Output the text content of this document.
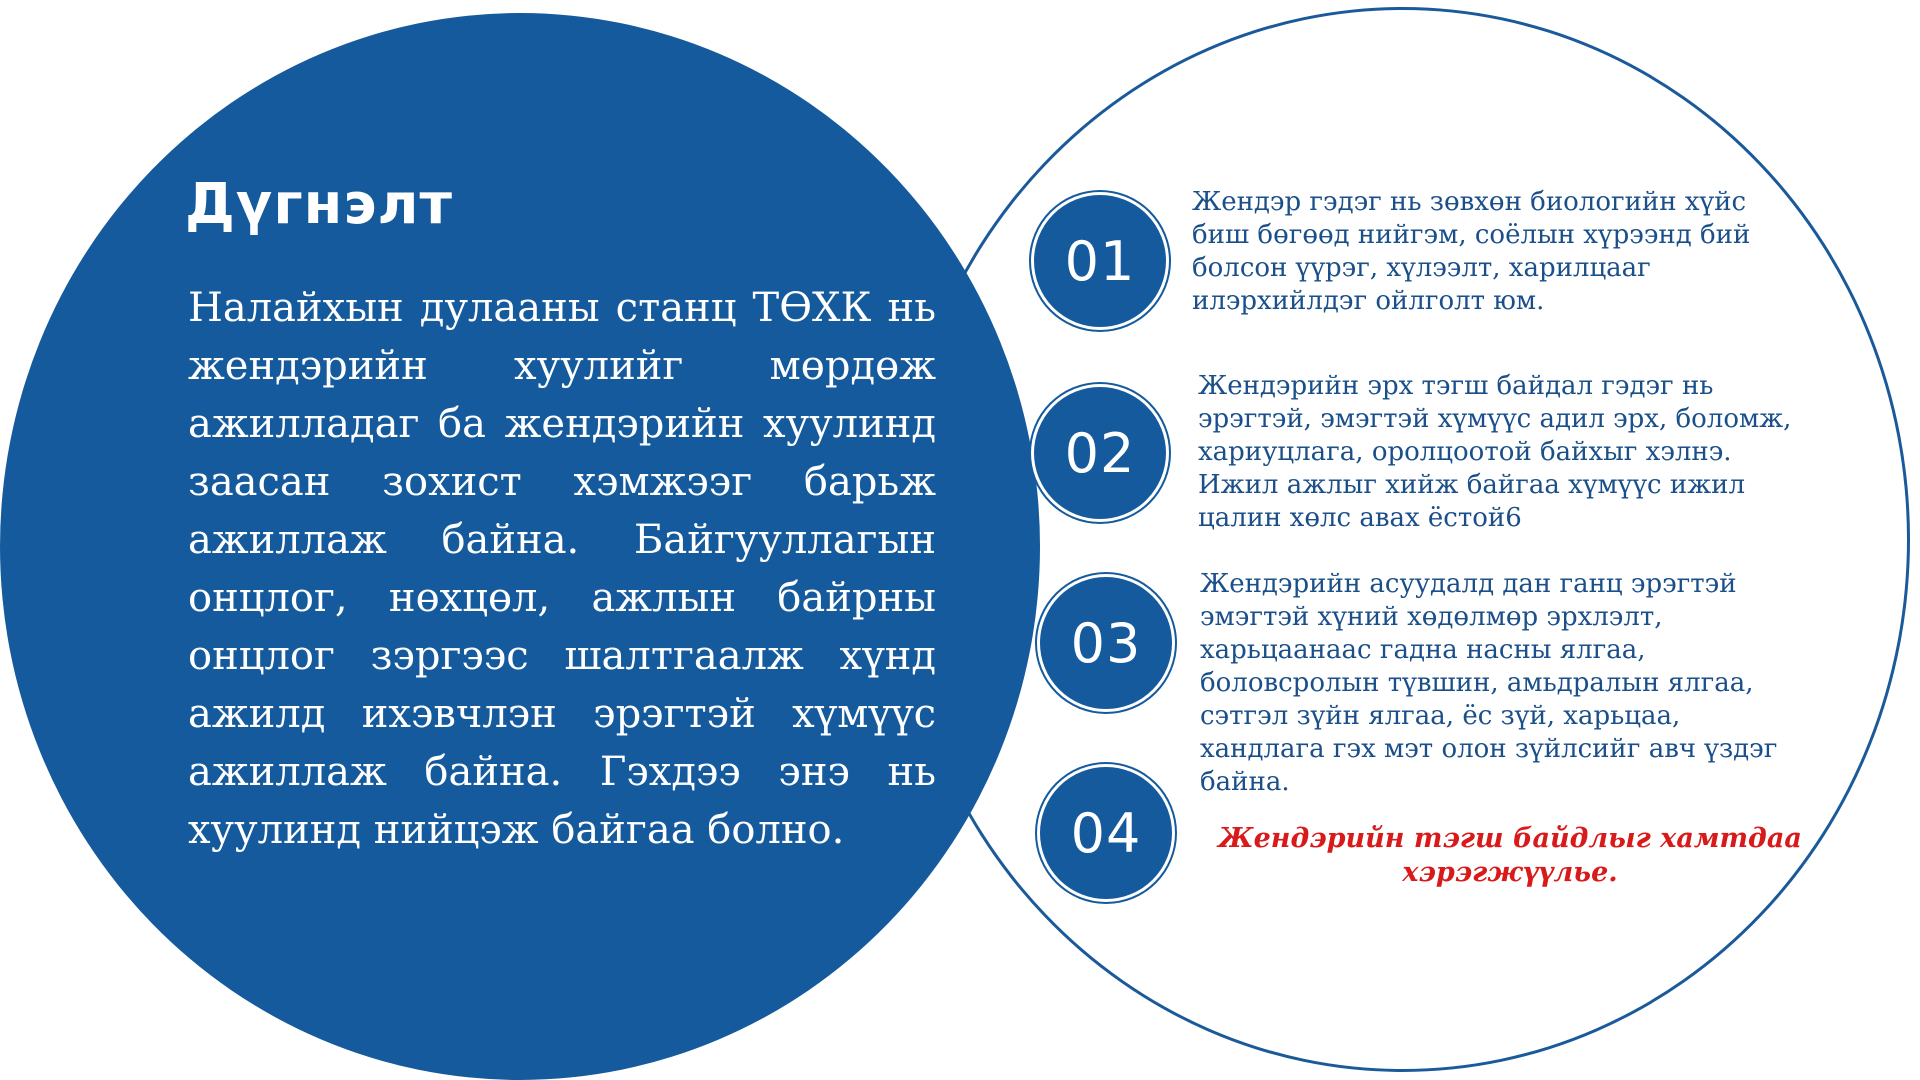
Дүгнэлт

Налайхын дулааны станц ТӨХК нь жендэрийн хуулийг мөрдөж ажилладаг ба жендэрийн хуулинд заасан зохист хэмжээг барьж ажиллаж байна. Байгууллагын онцлог, нөхцөл, ажлын байрны онцлог зэргээс шалтгаалж хүнд ажилд ихэвчлэн эрэгтэй хүмүүс ажиллаж байна. Гэхдээ энэ нь хуулинд нийцэж байгаа болно.

01

Жендэр гэдэг нь зөвхөн биологийн хүйс биш бөгөөд нийгэм, соёлын хүрээнд бий болсон үүрэг, хүлээлт, харилцааг илэрхийлдэг ойлголт юм.

02

Жендэрийн эрх тэгш байдал гэдэг нь эрэгтэй, эмэгтэй хүмүүс адил эрх, боломж, хариуцлага, оролцоотой байхыг хэлнэ. Ижил ажлыг хийж байгаа хүмүүс ижил цалин хөлс авах ёстой6

03

Жендэрийн асуудалд дан ганц эрэгтэй эмэгтэй хүний хөдөлмөр эрхлэлт, харьцаанаас гадна насны ялгаа, боловсролын түвшин, амьдралын ялгаа, сэтгэл зүйн ялгаа, ёс зүй, харьцаа, хандлага гэх мэт олон зүйлсийг авч үздэг байна.

04	Жендэрийн тэгш байдлыг хамтдаа хэрэгжүүлье.
